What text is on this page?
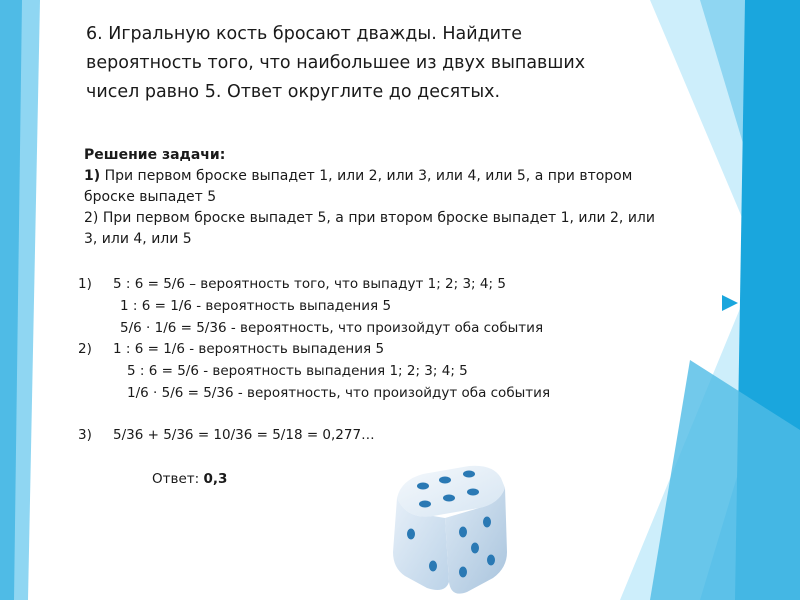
6. Игральную кость бросают дважды. Найдите
вероятность того, что наибольшее из двух выпавших
чисел равно 5. Ответ округлите до десятых.
Решение задачи:
1) При первом броске выпадет 1, или 2, или 3, или 4, или 5, а при втором
броске выпадет 5
2) При первом броске выпадет 5, а при втором броске выпадет 1, или 2, или
3, или 4, или 5
1) 5 : 6 = 5/6 – вероятность того, что выпадут 1; 2; 3; 4; 5
1 : 6 = 1/6 - вероятность выпадения 5
5/6 · 1/6 = 5/36 - вероятность, что произойдут оба события
2) 1 : 6 = 1/6 - вероятность выпадения 5
5 : 6 = 5/6 - вероятность выпадения 1; 2; 3; 4; 5
1/6 · 5/6 = 5/36 - вероятность, что произойдут оба события
3) 5/36 + 5/36 = 10/36 = 5/18 = 0,277…
Ответ: 0,3
